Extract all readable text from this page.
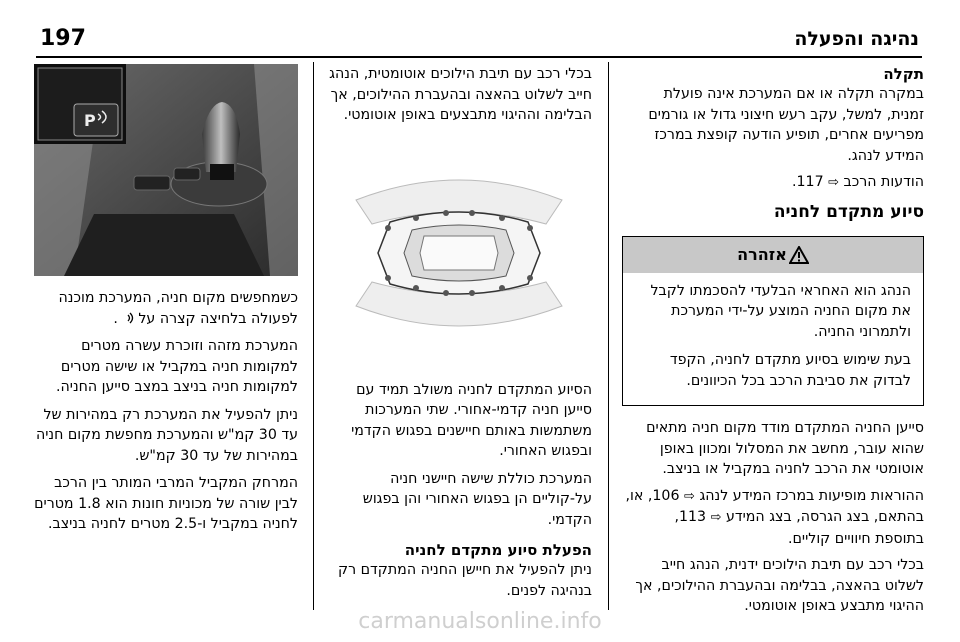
197	נהיגה והפעלה

תקלה

במקרה תקלה או אם המערכת אינה פועלת זמנית, למשל, עקב רעש חיצוני גדול או גורמים מפריעים אחרים, תופיע הודעה קופצת במרכז המידע לנהג.

הודעות הרכב ⇨ 117.

סיוע מתקדם לחניה

אזהרה

הנהג הוא האחראי הבלעדי להסכמתו לקבל את מקום החניה המוצע על-ידי המערכת ולתמרוני החניה.

בעת שימוש בסיוע מתקדם לחניה, הקפד לבדוק את סביבת הרכב בכל הכיוונים.

סייען החניה המתקדם מודד מקום חניה מתאים שהוא עובר, מחשב את המסלול ומכוון באופן אוטומטי את הרכב לחניה במקביל או בניצב.

ההוראות מופיעות במרכז המידע לנהג ⇨ 106, או, בהתאם, בצג הגרסה, בצג המידע ⇨ 113, בתוספת חיוויים קוליים.

בכלי רכב עם תיבת הילוכים ידנית, הנהג חייב לשלוט בהאצה, בבלימה ובהעברת ההילוכים, אך ההיגוי מתבצע באופן אוטומטי.

בכלי רכב עם תיבת הילוכים אוטומטית, הנהג חייב לשלוט בהאצה ובהעברת ההילוכים, אך הבלימה וההיגוי מתבצעים באופן אוטומטי.

הסיוע המתקדם לחניה משולב תמיד עם סייען חניה קדמי-אחורי. שתי המערכות משתמשות באותם חיישנים בפגוש הקדמי ובפגוש האחורי.

המערכת כוללת שישה חיישני חניה על-קוליים הן בפגוש האחורי והן בפגוש הקדמי.

הפעלת סיוע מתקדם לחניה

ניתן להפעיל את חיישן החניה המתקדם רק בנהיגה לפנים.

P

כשמחפשים מקום חניה, המערכת מוכנה לפעולה בלחיצה קצרה על
.

המערכת מזהה וזוכרת עשרה מטרים למקומות חניה במקביל או שישה מטרים למקומות חניה בניצב במצב סייען החניה.

ניתן להפעיל את המערכת רק במהירות של עד 30 קמ"ש והמערכת מחפשת מקום חניה במהירות של עד 30 קמ"ש.

המרחק המקביל המרבי המותר בין הרכב לבין שורה של מכוניות חונות הוא 1.8 מטרים לחניה במקביל ו-2.5 מטרים לחניה בניצב.

carmanualsonline.info
